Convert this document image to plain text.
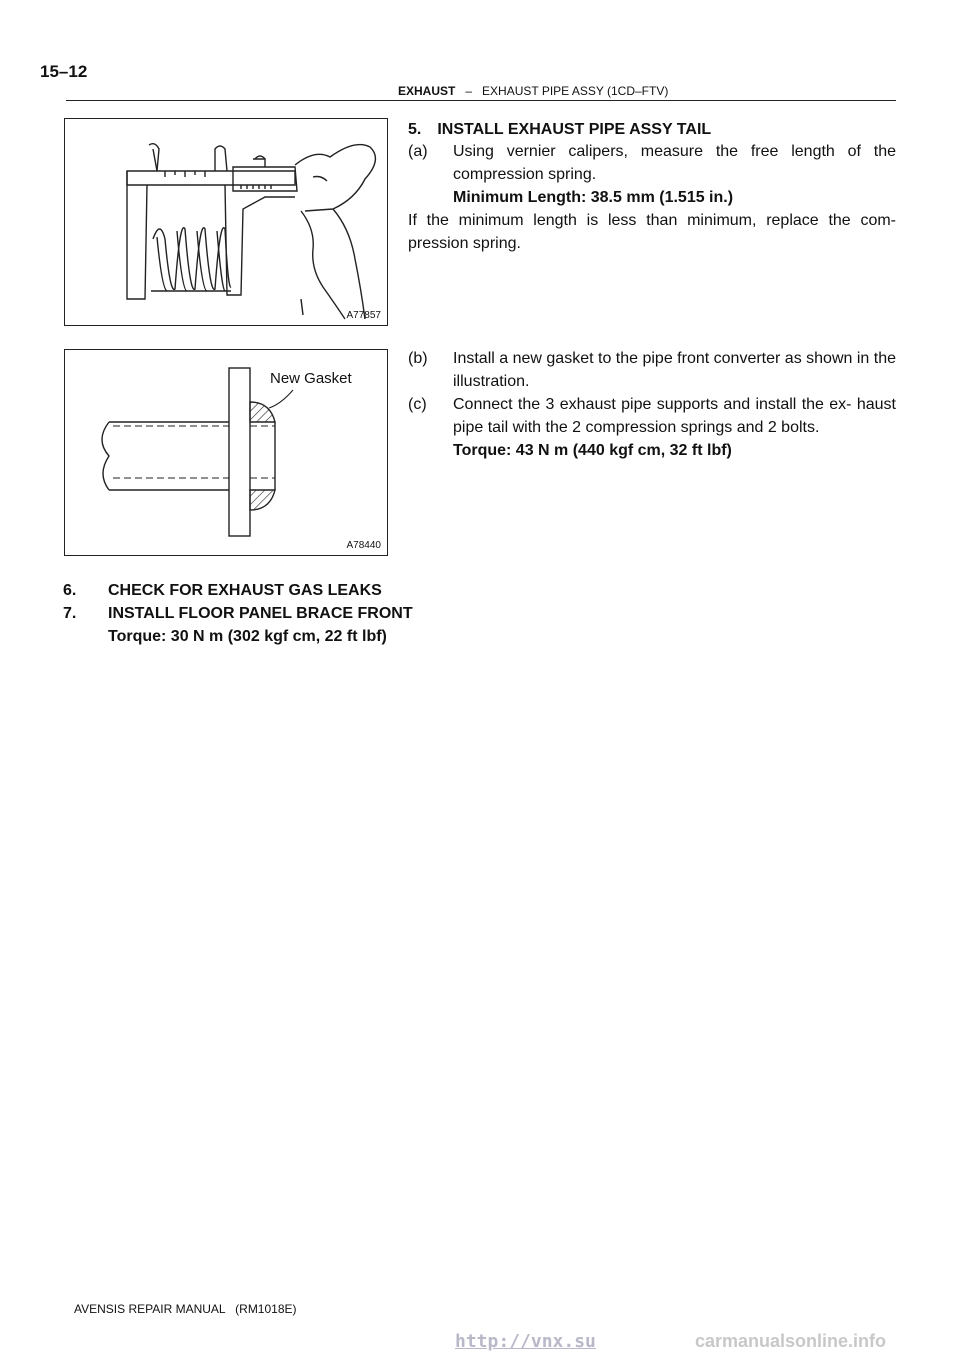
15–12
EXHAUST – EXHAUST PIPE ASSY (1CD–FTV)
A77857
New Gasket
A78440
5. INSTALL EXHAUST PIPE ASSY TAIL
(a)	Using vernier calipers, measure the free length of the compression spring.
Minimum Length: 38.5 mm (1.515 in.)
If the minimum length is less than minimum, replace the com- pression spring.
(b)	Install a new gasket to the pipe front converter as shown in the illustration.
(c)	Connect the 3 exhaust pipe supports and install the ex- haust pipe tail with the 2 compression springs and 2 bolts.
Torque: 43 N m (440 kgf cm, 32 ft lbf)
6.	CHECK FOR EXHAUST GAS LEAKS
7.	INSTALL FLOOR PANEL BRACE FRONT
Torque: 30 N m (302 kgf cm, 22 ft lbf)
AVENSIS REPAIR MANUAL   (RM1018E)
http://vnx.su	carmanualsonline.info
